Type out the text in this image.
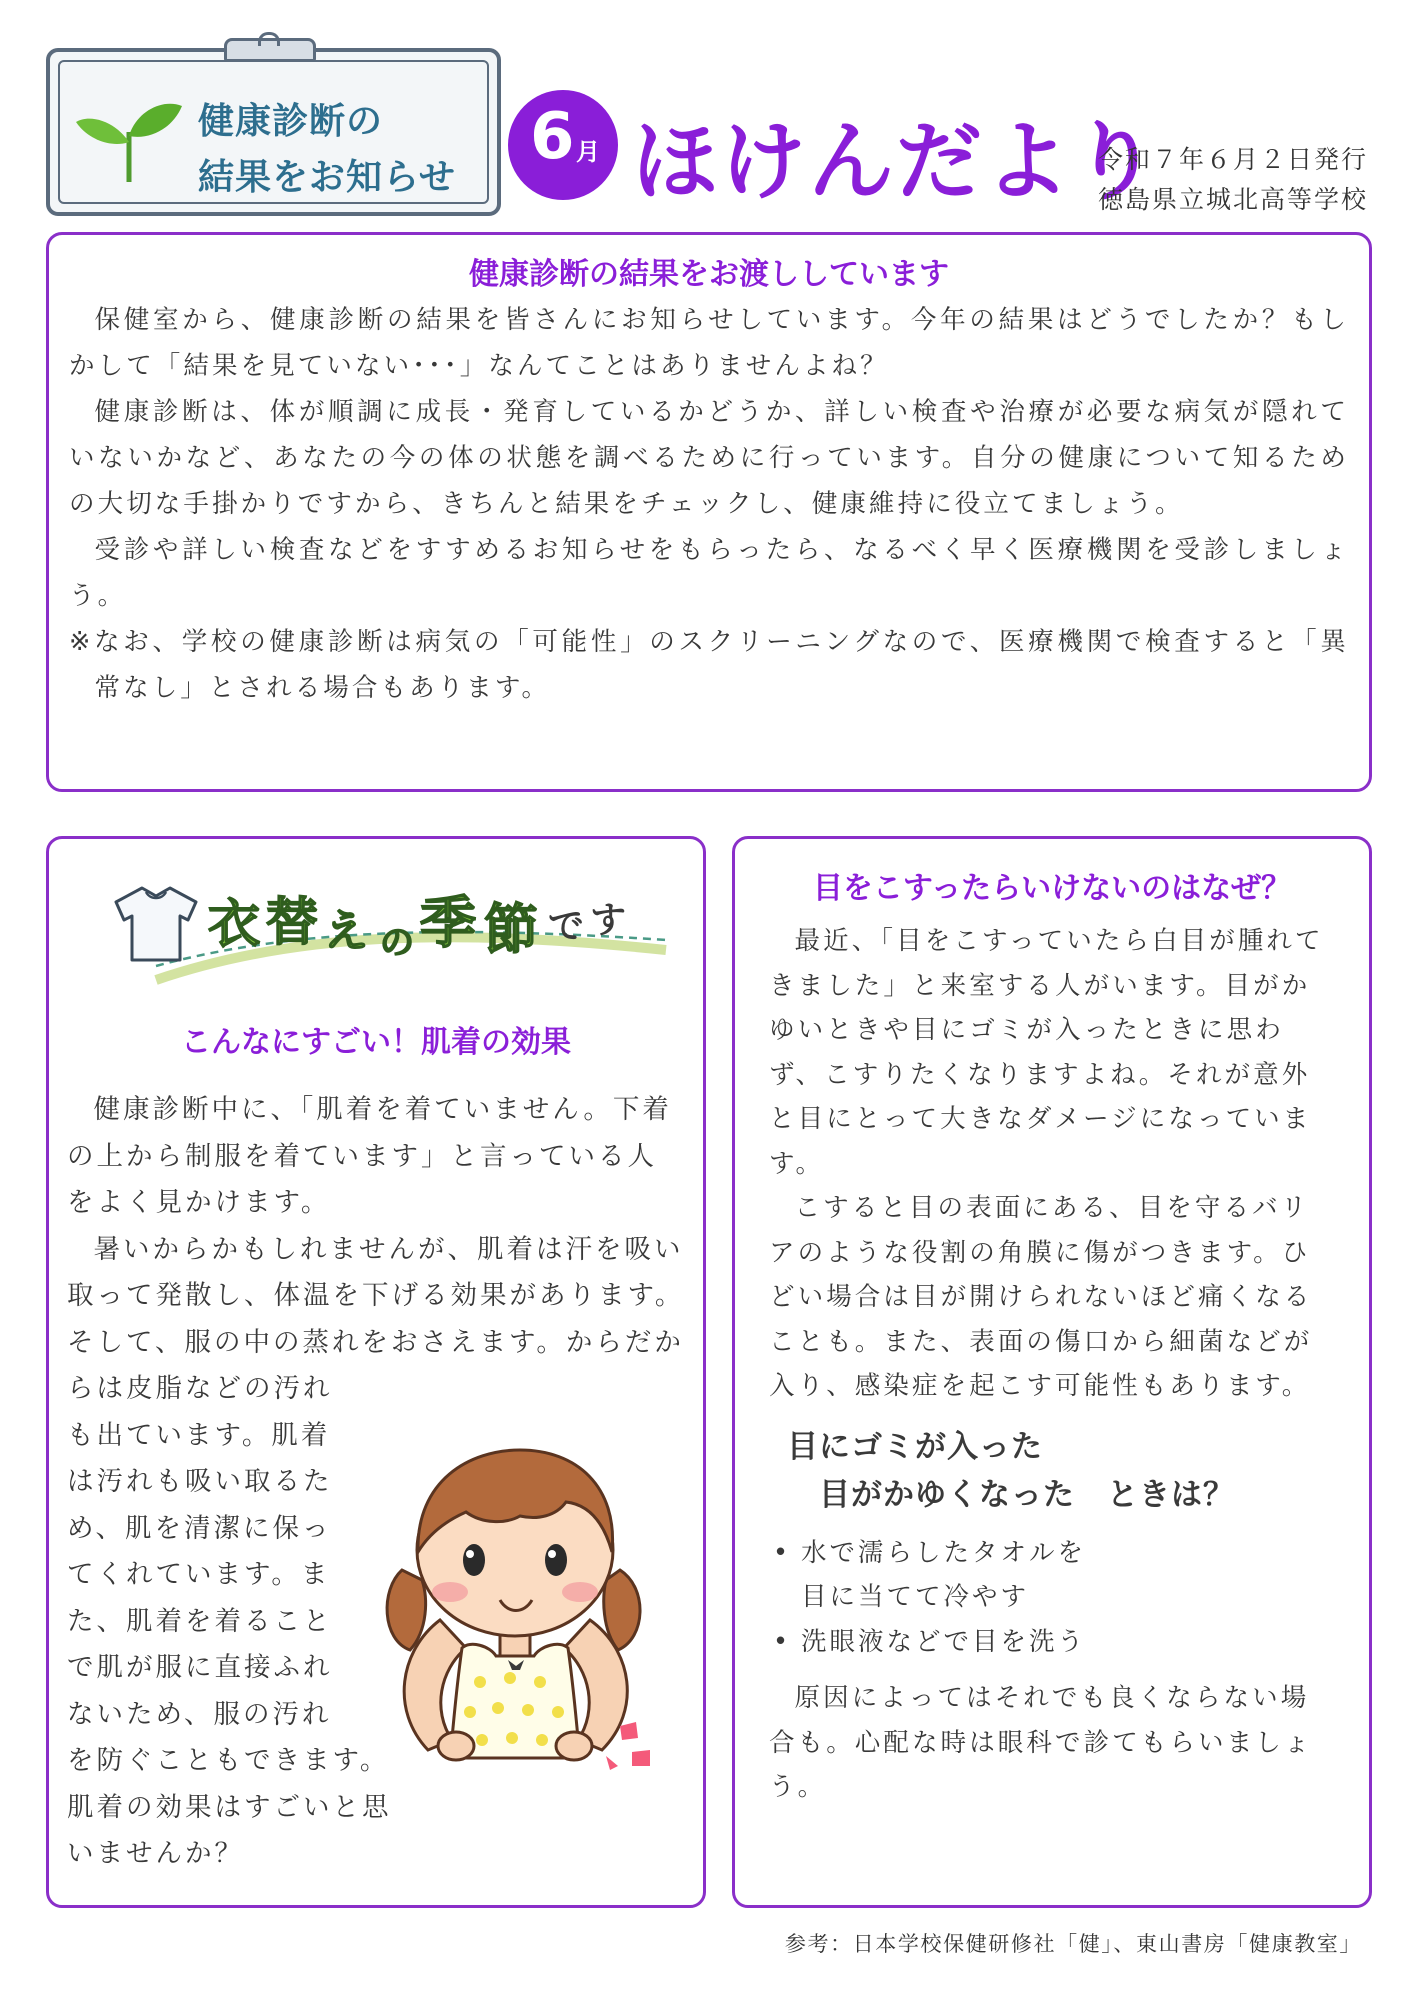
健康診断の
結果をお知らせ
6 月 ほけんだより
令和７年６月２日発行
徳島県立城北高等学校
健康診断の結果をお渡ししています

保健室から、健康診断の結果を皆さんにお知らせしています。今年の結果はどうでしたか？もしかして「結果を見ていない･･･」なんてことはありませんよね？

健康診断は、体が順調に成長・発育しているかどうか、詳しい検査や治療が必要な病気が隠れていないかなど、あなたの今の体の状態を調べるために行っています。自分の健康について知るための大切な手掛かりですから、きちんと結果をチェックし、健康維持に役立てましょう。

受診や詳しい検査などをすすめるお知らせをもらったら、なるべく早く医療機関を受診しましょう。

※なお、学校の健康診断は病気の「可能性」のスクリーニングなので、医療機関で検査すると「異常なし」とされる場合もあります。

こんなにすごい！肌着の効果

健康診断中に、「肌着を着ていません。下着の上から制服を着ています」と言っている人をよく見かけます。

暑いからかもしれませんが、肌着は汗を吸い取って発散し、体温を下げる効果があります。そして、服の中の蒸れをおさえます。からだからは皮脂などの汚れ

も出ています。肌着
は汚れも吸い取るた
め、肌を清潔に保っ
てくれています。ま
た、肌着を着ること
で肌が服に直接ふれ
ないため、服の汚れ
を防ぐこともできます。
肌着の効果はすごいと思
いませんか？
衣 替 え の 季 節 で す
目をこすったらいけないのはなぜ？

最近、「目をこすっていたら白目が腫れてきました」と来室する人がいます。目がかゆいときや目にゴミが入ったときに思わず、こすりたくなりますよね。それが意外と目にとって大きなダメージになっています。

こすると目の表面にある、目を守るバリアのような役割の角膜に傷がつきます。ひどい場合は目が開けられないほど痛くなることも。また、表面の傷口から細菌などが入り、感染症を起こす可能性もあります。

目にゴミが入った
目がかゆくなった　ときは？
• 水で濡らしたタオルを
目に当てて冷やす
• 洗眼液などで目を洗う

原因によってはそれでも良くならない場合も。心配な時は眼科で診てもらいましょう。

参考：日本学校保健研修社「健」、東山書房「健康教室」
